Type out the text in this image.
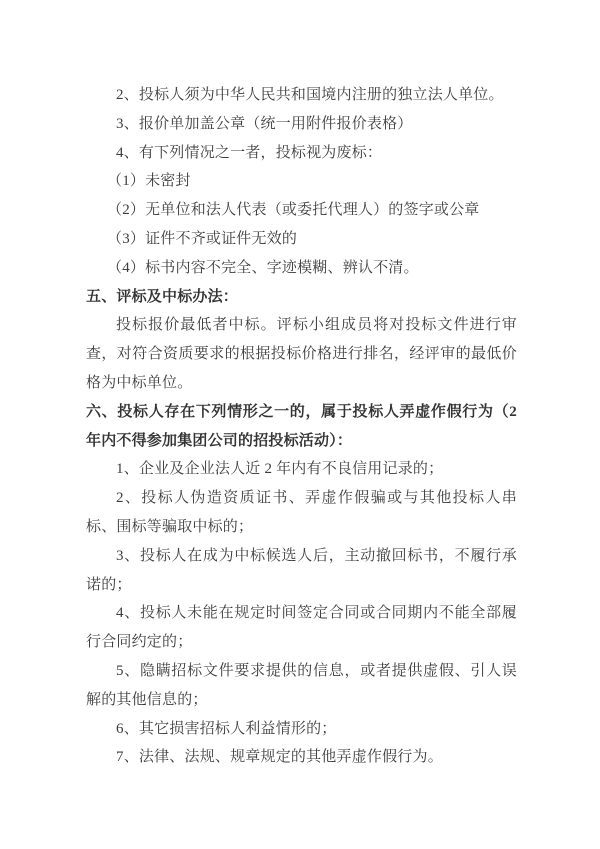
2、投标人须为中华人民共和国境内注册的独立法人单位。

3、报价单加盖公章（统一用附件报价表格）

4、有下列情况之一者，投标视为废标：

（1）未密封

（2）无单位和法人代表（或委托代理人）的签字或公章

（3）证件不齐或证件无效的

（4）标书内容不完全、字迹模糊、辨认不清。

五、评标及中标办法：

投标报价最低者中标。评标小组成员将对投标文件进行审查，对符合资质要求的根据投标价格进行排名，经评审的最低价格为中标单位。

六、投标人存在下列情形之一的，属于投标人弄虚作假行为（2年内不得参加集团公司的招投标活动）：

1、企业及企业法人近 2 年内有不良信用记录的；

2、投标人伪造资质证书、弄虚作假骗或与其他投标人串标、围标等骗取中标的；

3、投标人在成为中标候选人后，主动撤回标书，不履行承诺的；

4、投标人未能在规定时间签定合同或合同期内不能全部履行合同约定的；

5、隐瞒招标文件要求提供的信息，或者提供虚假、引人误解的其他信息的；

6、其它损害招标人利益情形的；

7、法律、法规、规章规定的其他弄虚作假行为。
